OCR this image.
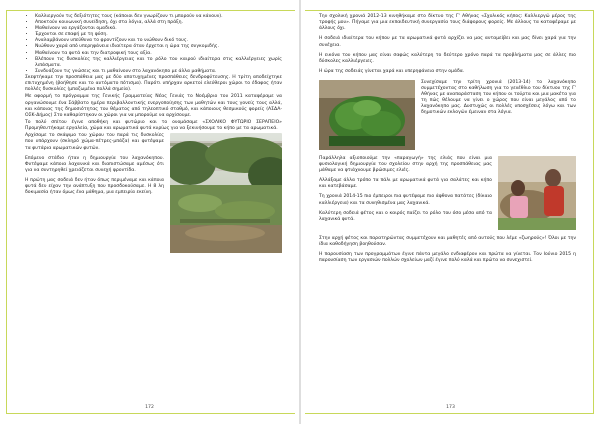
• Καλλιεργούν τις δεξιότητες τους (κάποιοι δεν γνωρίζουν τι μπορούν να κάνουν).
• Αποκτούν κοινωνική συνείδηση, όχι στα λόγια, αλλά στη πράξη.
• Μαθαίνουν να εργάζονται ομαδικά.
• Έρχονται σε επαφή με τη φύση.
• Αναλαμβάνουν υπεύθυνα το φροντίζουν και το νιώθουν δικό τους.
• Νιώθουν χαρά από υπερηφάνεια ιδιαίτερα όταν έρχεται η ώρα της συγκομιδής.
• Μαθαίνουν τα φυτά και την διατροφική τους αξία.
• Βλέπουν τις δυσκολίες της καλλιέργειας και το ρόλο του καιρού ιδιαίτερα στις καλλιέργειες χωρίς λιπάσματα.
• Συνδυάζουν τις γνώσεις και τι μαθαίνουν στο λαχανόκηπο με άλλα μαθήματα.

Σκεφτήκαμε την προσπάθεια μας με δύο αποτυχημένες προσπάθειες δενδροφύτευσης. Η τρίτη αποδείχτηκε επιτυχημένη (βοήθησε και το αυτόματο πότισμα). Παρότι υπήρχαν αρκετοί ελεύθεροι χώροι το έδαφος ήταν πολλές δυσκολίες (μπαζωμένα πολλά σημεία).

Με αφορμή το πρόγραμμα της Γενικής Γραμματείας Νέας Γενιάς το Νοέμβριο του 2011 καταφέραμε να οργανώσουμε ένα Σάββατο ημέρα περιβαλλοντικής ενεργοποίησης των μαθητών και τους γονείς τους αλλά, και κάποιας της δημοσιότητας του θέματος από τηλεοπτικό σταθμό, και κάποιους θεσμικούς φορείς (ΑΣΔΑ-ΟΣΚ-Δήμος) Στο καθαρίστηκαν οι χώροι για να μπορούμε να αρχίσουμε.

Το πολύ σπίτου έγινε αποθήκη και φυτώριο και το ονομάσαμε «ΣΧΟΛΙΚΟ ΦΥΤΩΡΙΟ ΣΕΡΑΠΕΙΟ» Προμηθευτήκαμε εργαλεία, χώμα και αρωματικά φυτά κυρίως για να ξεκινήσουμε το κήπο με τα αρωματικά.

Αρχίσαμε το σκάψιμο του χώρου του παρά τις δυσκολίες που υπάρχουν (σκληρό χώμα-πέτρες-μπάζα) και φυτέψαμε τα φυτάρια αρωματικών φυτών.

Επόμενο στάδιο ήταν η δημιουργία του λαχανόκηπου. Φυτέψαμε κάποια λαχανικά και διαπιστώσαμε αμέσως ότι για να συντηρηθεί χρειάζεται συνεχή φροντίδα.

Η πρώτη μας σοδειά δεν ήταν όπως περιμέναμε και κάποια φυτά δεν είχαν την ανάπτυξη που προσδοκούσαμε. Η 8 λη δοκιμασία ήταν όμως ένα μάθημα, μια εμπειρία εκείνη.

172

Την σχολική χρονιά 2012-13 κινηθήκαμε στο δίκτυο της Γ' Αθήνας «Σχολικός κήπος: Καλλιεργώ μέρος της τροφής μου». Πήγαμε για μια εκπαιδευτική συνεργασία τους διάφορους φορείς. Με άλλους τα καταφέραμε με άλλους όχι.

Η σοδειά ιδιαίτερα του κήπου με τα αρωματικά φυτά αρχίζει να μας ανταμείβει και μας δίνει χαρά για την συνέχεια.

Η εικόνα του κήπου μας είναι σαφώς καλύτερη το δεύτερο χρόνο παρά τα προβλήματα μας σε άλλες πιο δύσκολες καλλιέργειες.

Η ώρα της σοδειάς γίνεται χαρά και υπερηφάνεια στην ομάδα.

Συνεχίσαμε την τρίτη χρονιά (2013-14) το λαχανόκηπο συμμετέχοντας στο καθήλωση για το γενέθλιο του δίκτυου της Γ' Αθήνας με αναπαράσταση του κήπου οι τούρτα και μια μακέτα για τη πώς θέλουμε να γίνει ο χώρος που είναι μεγάλος από το λαχανόκηπο μας. Δυστυχώς οι πολλές υποσχέσεις λόγω και των δημοτικών εκλογών έμειναν στα λόγια.

Παράλληλα αξιοποιούμε την «παραγωγή» της ελιάς που είναι μια φυσιολογική δημιουργία του σχολείου στην αρχή της προσπάθειας μας μάθαμε να φτιάχνουμε βρώσιμες ελιές.

Αλλάξαμε άλλα τρόπο τα πάλι με αρωματικά φυτά για σαλάτες και κήπο και κατεβάσαμε.

Τη χρονιά 2014-15 πιο έμπειροι πια φυτέψαμε πιο άφθονα πατάτες (δίκαιο καλλιέργεια) και τα συνηθισμένα μας λαχανικά.

Καλύτερη σοδειά φέτος και ο καιρός παίζει το ρόλο του όσο μέσα από τα λαχανικά φυτά.

Στην αρχή φέτος και παρατηρώντας συμμετέχουν και μαθητές από αυτούς που λέμε «ζωηρούς»! Όλοι με την ίδια καθοδήγηση βοηθούσαν.

Η παρουσίαση των προγραμμάτων έγινε πάντα μεγάλο ενδιαφέρον και πρώτα να γίνεται. Τον Ιούνιο 2015 η παρουσίαση των εργασιών πολλών σχολείων μαζί έγινε πολύ καλά και πρώτα να συνεχιστεί.

173
